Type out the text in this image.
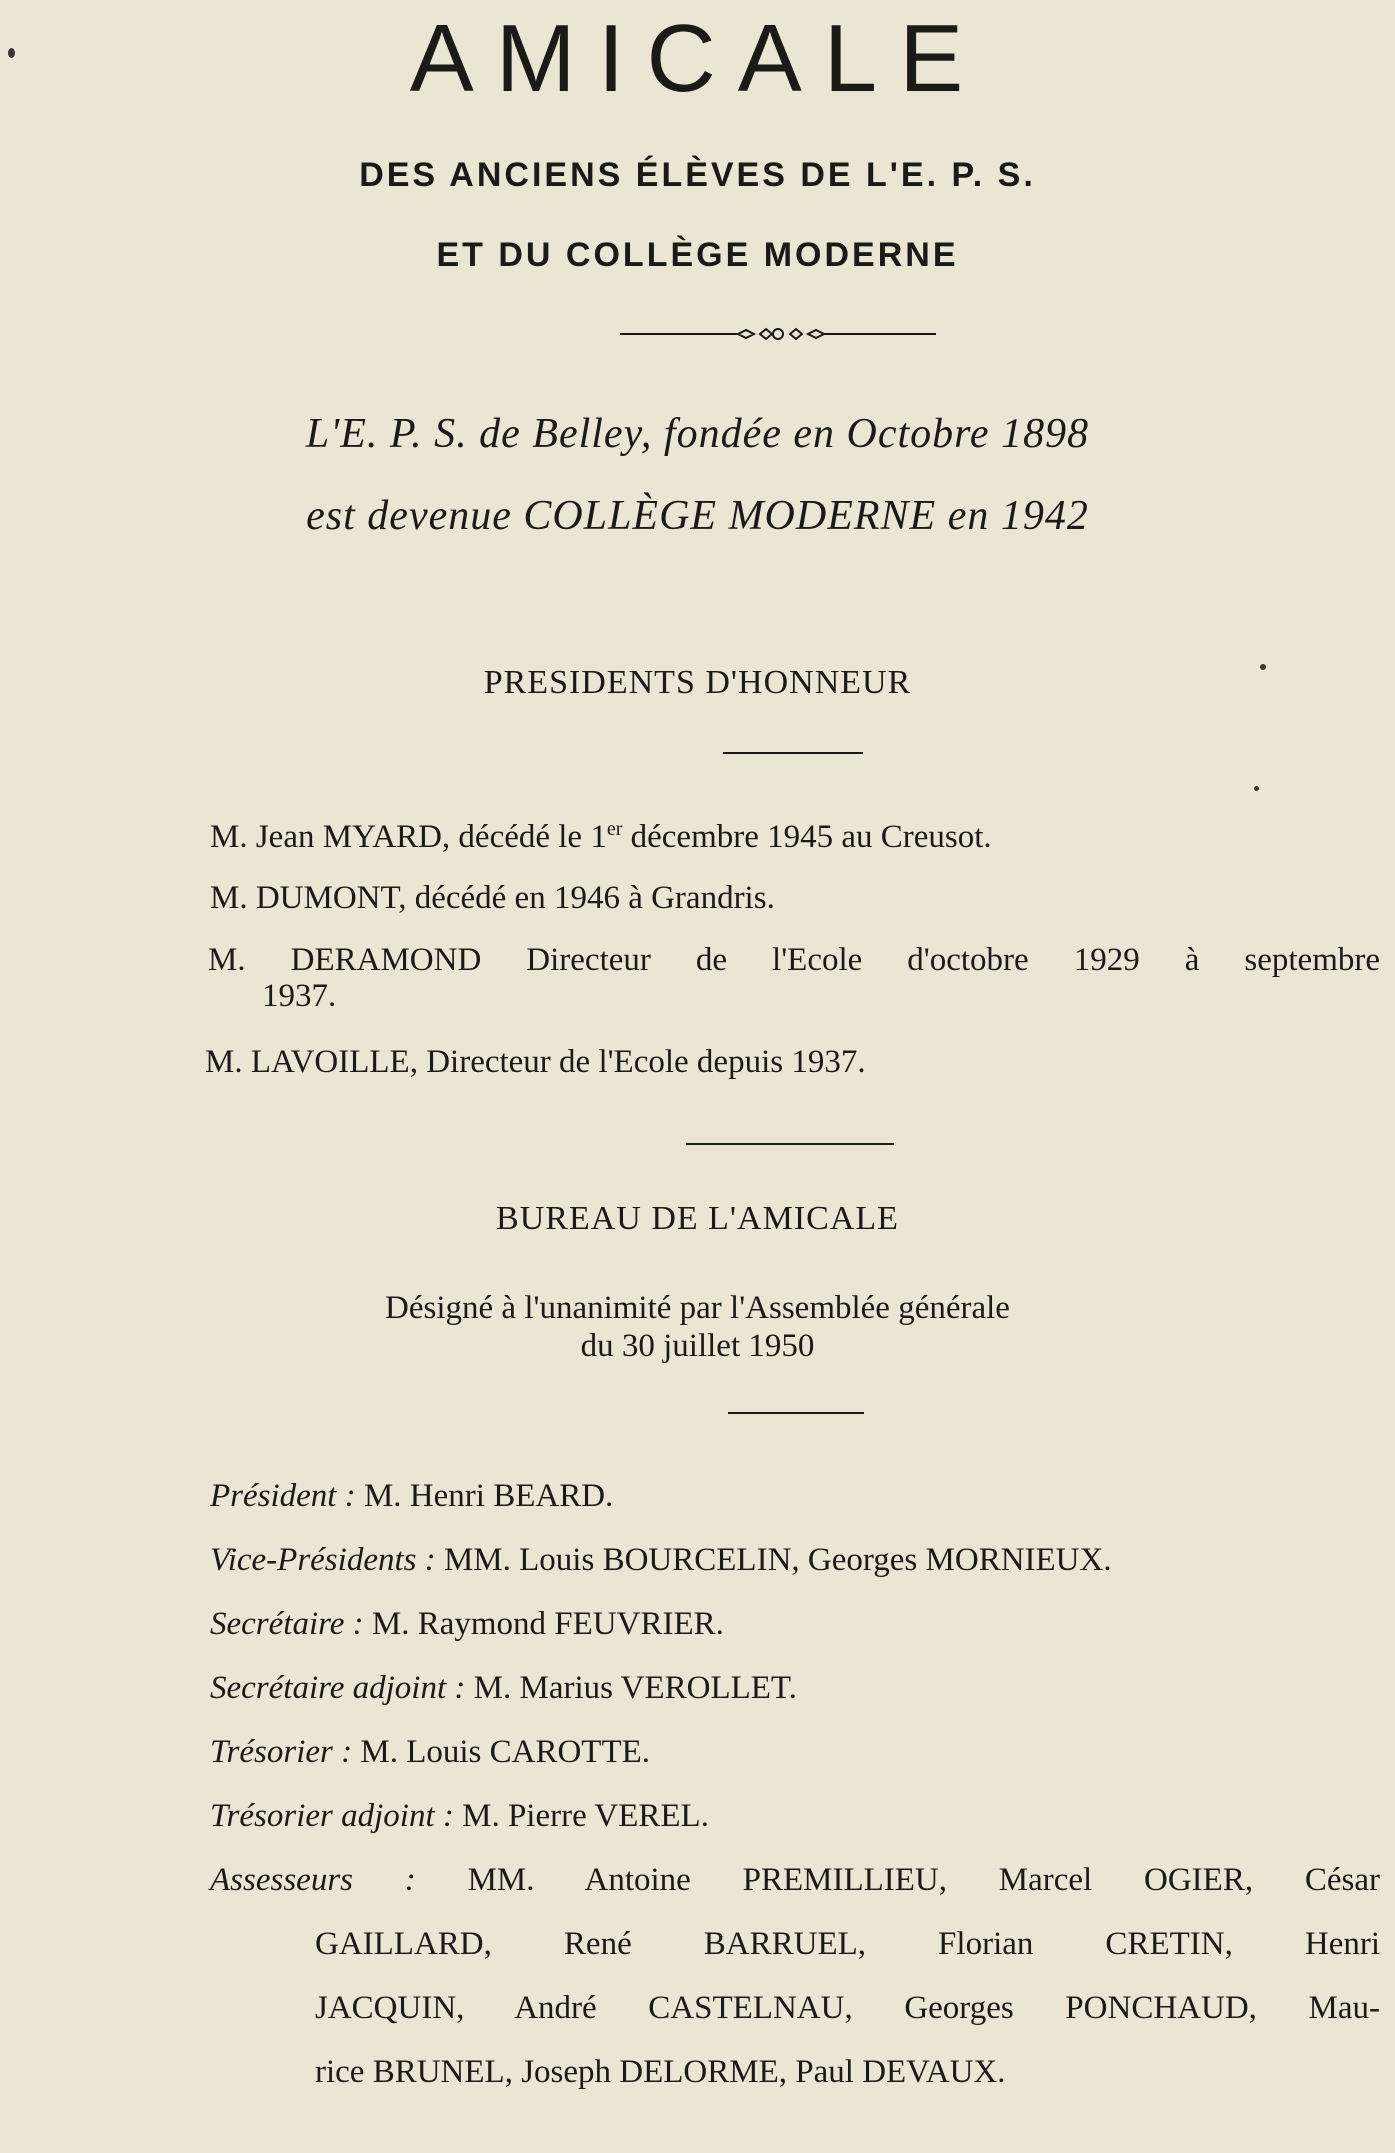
AMICALE
DES ANCIENS ÉLÈVES DE L'E. P. S.
ET DU COLLÈGE MODERNE
L'E. P. S. de Belley, fondée en Octobre 1898
est devenue COLLÈGE MODERNE en 1942
PRESIDENTS D'HONNEUR
M. Jean MYARD, décédé le 1er décembre 1945 au Creusot.
M. DUMONT, décédé en 1946 à Grandris.
M. DERAMOND Directeur de l'Ecole d'octobre 1929 à septembre
1937.
M. LAVOILLE, Directeur de l'Ecole depuis 1937.
BUREAU DE L'AMICALE
Désigné à l'unanimité par l'Assemblée générale
du 30 juillet 1950
Président : M. Henri BEARD.
Vice-Présidents : MM. Louis BOURCELIN, Georges MORNIEUX.
Secrétaire : M. Raymond FEUVRIER.
Secrétaire adjoint : M. Marius VEROLLET.
Trésorier : M. Louis CAROTTE.
Trésorier adjoint : M. Pierre VEREL.
Assesseurs : MM. Antoine PREMILLIEU, Marcel OGIER, César
GAILLARD, René BARRUEL, Florian CRETIN, Henri
JACQUIN, André CASTELNAU, Georges PONCHAUD, Mau-
rice BRUNEL, Joseph DELORME, Paul DEVAUX.
